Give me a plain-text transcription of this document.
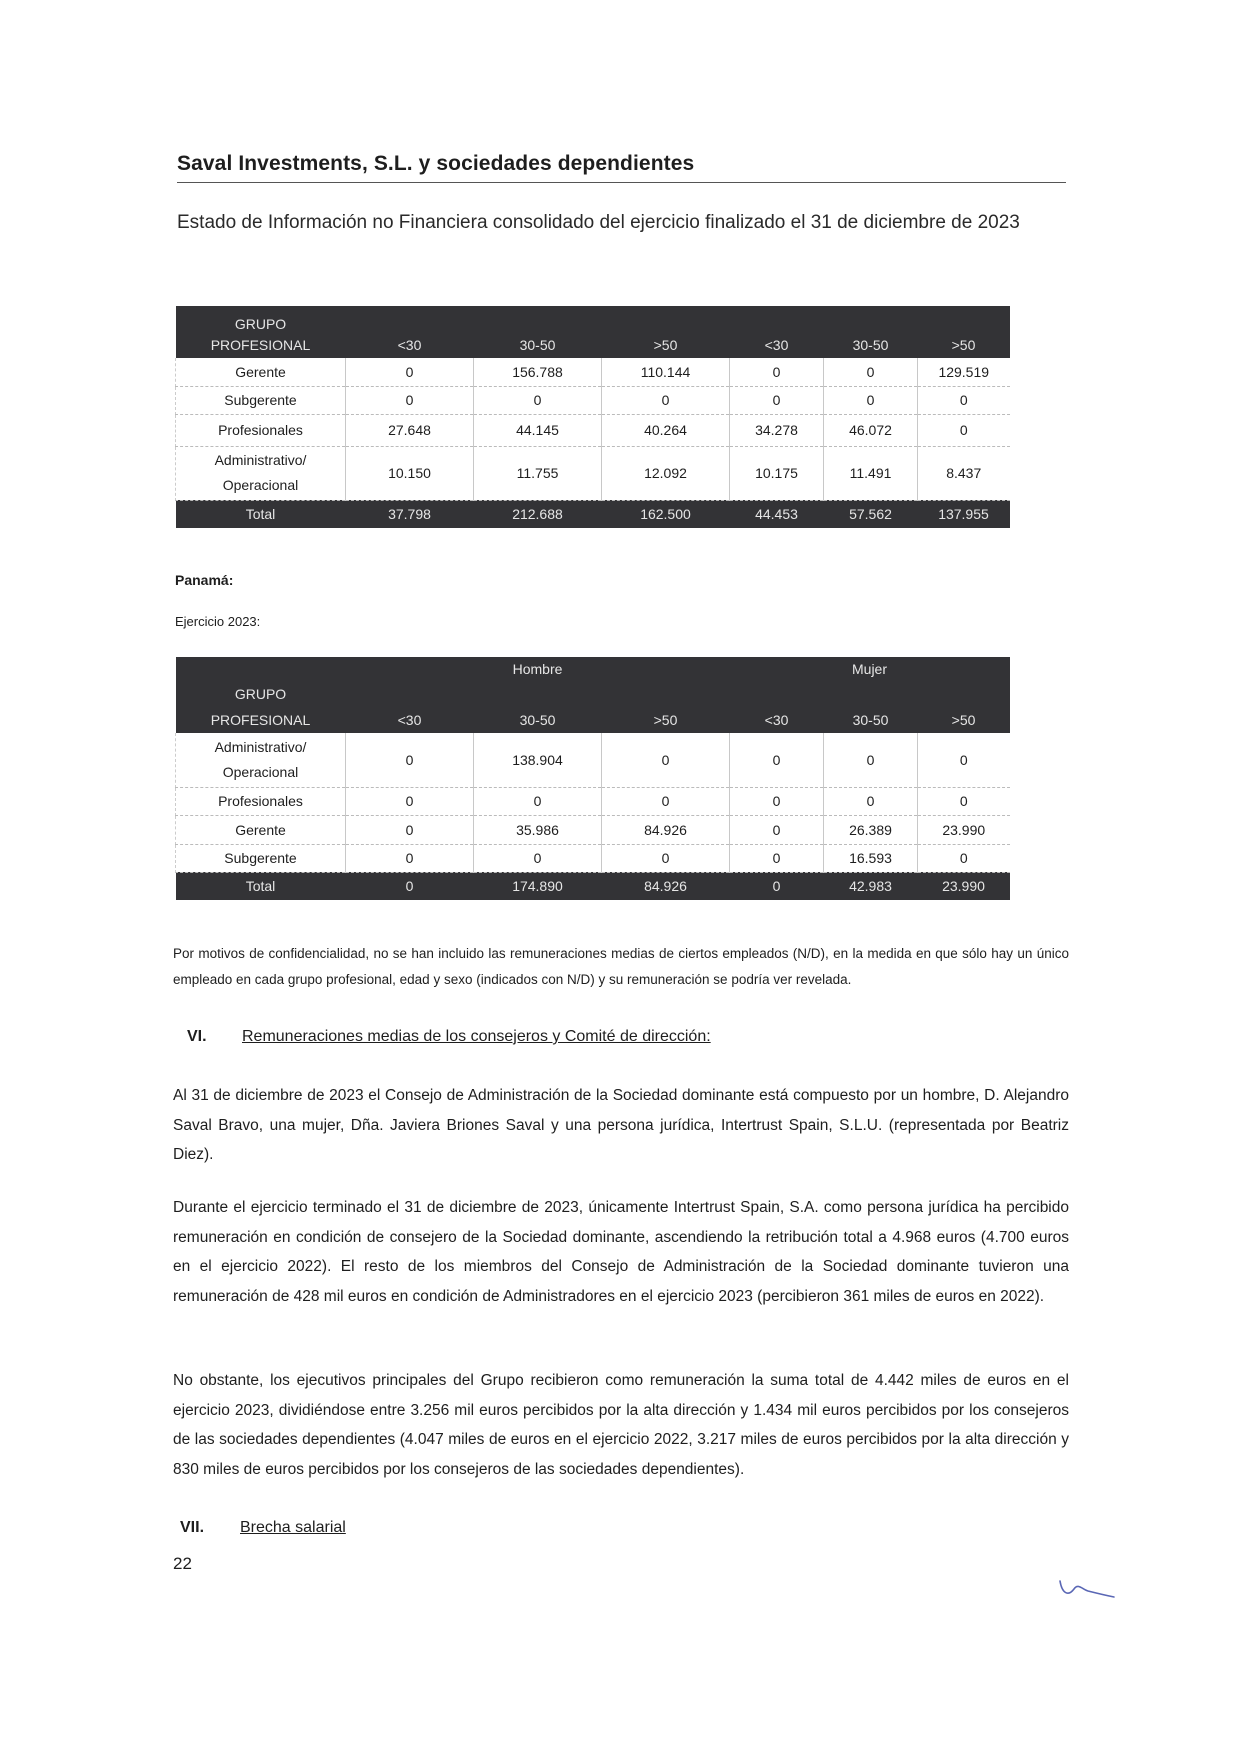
Saval Investments, S.L. y sociedades dependientes
Estado de Información no Financiera consolidado del ejercicio finalizado el 31 de diciembre de 2023
GRUPO						
PROFESIONAL	<30	30-50	>50	<30	30-50	>50
Gerente	0	156.788	110.144	0	0	129.519
Subgerente	0	0	0	0	0	0
Profesionales	27.648	44.145	40.264	34.278	46.072	0
Administrativo/ Operacional	10.150	11.755	12.092	10.175	11.491	8.437
Total	37.798	212.688	162.500	44.453	57.562	137.955
Panamá:
Ejercicio 2023:
	Hombre			Mujer		
GRUPO						
PROFESIONAL	<30	30-50	>50	<30	30-50	>50
Administrativo/ Operacional	0	138.904	0	0	0	0
Profesionales	0	0	0	0	0	0
Gerente	0	35.986	84.926	0	26.389	23.990
Subgerente	0	0	0	0	16.593	0
Total	0	174.890	84.926	0	42.983	23.990
Por motivos de confidencialidad, no se han incluido las remuneraciones medias de ciertos empleados (N/D), en la medida en que sólo hay un único empleado en cada grupo profesional, edad y sexo (indicados con N/D) y su remuneración se podría ver revelada.
VI. Remuneraciones medias de los consejeros y Comité de dirección:
Al 31 de diciembre de 2023 el Consejo de Administración de la Sociedad dominante está compuesto por un hombre, D. Alejandro Saval Bravo, una mujer, Dña. Javiera Briones Saval y una persona jurídica, Intertrust Spain, S.L.U. (representada por Beatriz Diez).
Durante el ejercicio terminado el 31 de diciembre de 2023, únicamente Intertrust Spain, S.A. como persona jurídica ha percibido remuneración en condición de consejero de la Sociedad dominante, ascendiendo la retribución total a 4.968 euros (4.700 euros en el ejercicio 2022). El resto de los miembros del Consejo de Administración de la Sociedad dominante tuvieron una remuneración de 428 mil euros en condición de Administradores en el ejercicio 2023 (percibieron 361 miles de euros en 2022).
No obstante, los ejecutivos principales del Grupo recibieron como remuneración la suma total de 4.442 miles de euros en el ejercicio 2023, dividiéndose entre 3.256 mil euros percibidos por la alta dirección y 1.434 mil euros percibidos por los consejeros de las sociedades dependientes (4.047 miles de euros en el ejercicio 2022, 3.217 miles de euros percibidos por la alta dirección y 830 miles de euros percibidos por los consejeros de las sociedades dependientes).
VII. Brecha salarial
22
